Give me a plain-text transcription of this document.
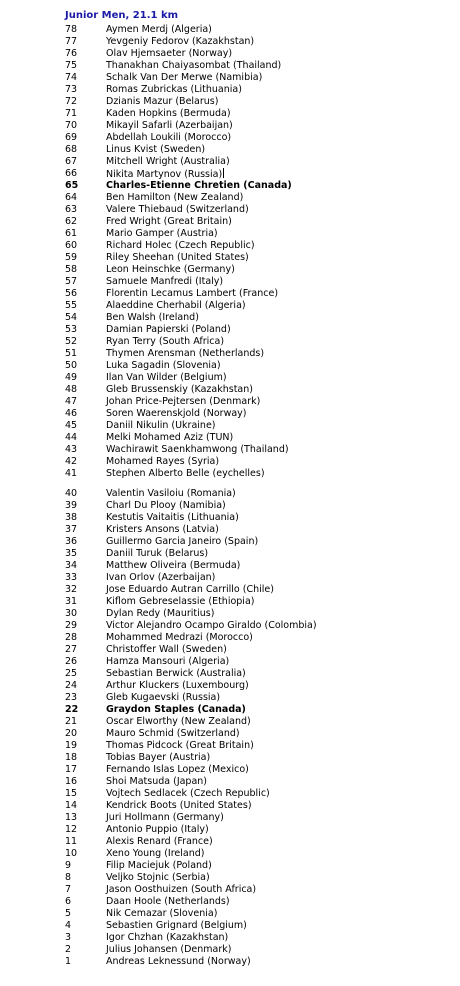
Junior Men, 21.1 km
78	Aymen Merdj (Algeria)
77	Yevgeniy Fedorov (Kazakhstan)
76	Olav Hjemsaeter (Norway)
75	Thanakhan Chaiyasombat (Thailand)
74	Schalk Van Der Merwe (Namibia)
73	Romas Zubrickas (Lithuania)
72	Dzianis Mazur (Belarus)
71	Kaden Hopkins (Bermuda)
70	Mikayil Safarli (Azerbaijan)
69	Abdellah Loukili (Morocco)
68	Linus Kvist (Sweden)
67	Mitchell Wright (Australia)
66	Nikita Martynov (Russia)
65	Charles-Etienne Chretien (Canada)
64	Ben Hamilton (New Zealand)
63	Valere Thiebaud (Switzerland)
62	Fred Wright (Great Britain)
61	Mario Gamper (Austria)
60	Richard Holec (Czech Republic)
59	Riley Sheehan (United States)
58	Leon Heinschke (Germany)
57	Samuele Manfredi (Italy)
56	Florentin Lecamus Lambert (France)
55	Alaeddine Cherhabil (Algeria)
54	Ben Walsh (Ireland)
53	Damian Papierski (Poland)
52	Ryan Terry (South Africa)
51	Thymen Arensman (Netherlands)
50	Luka Sagadin (Slovenia)
49	Ilan Van Wilder (Belgium)
48	Gleb Brussenskiy (Kazakhstan)
47	Johan Price-Pejtersen (Denmark)
46	Soren Waerenskjold (Norway)
45	Daniil Nikulin (Ukraine)
44	Melki Mohamed Aziz (TUN)
43	Wachirawit Saenkhamwong (Thailand)
42	Mohamed Rayes (Syria)
41	Stephen Alberto Belle (eychelles)
40	Valentin Vasiloiu (Romania)
39	Charl Du Plooy (Namibia)
38	Kestutis Vaitaitis (Lithuania)
37	Kristers Ansons (Latvia)
36	Guillermo Garcia Janeiro (Spain)
35	Daniil Turuk (Belarus)
34	Matthew Oliveira (Bermuda)
33	Ivan Orlov (Azerbaijan)
32	Jose Eduardo Autran Carrillo (Chile)
31	Kiflom Gebreselassie (Ethiopia)
30	Dylan Redy (Mauritius)
29	Victor Alejandro Ocampo Giraldo (Colombia)
28	Mohammed Medrazi (Morocco)
27	Christoffer Wall (Sweden)
26	Hamza Mansouri (Algeria)
25	Sebastian Berwick (Australia)
24	Arthur Kluckers (Luxembourg)
23	Gleb Kugaevski (Russia)
22	Graydon Staples (Canada)
21	Oscar Elworthy (New Zealand)
20	Mauro Schmid (Switzerland)
19	Thomas Pidcock (Great Britain)
18	Tobias Bayer (Austria)
17	Fernando Islas Lopez (Mexico)
16	Shoi Matsuda (Japan)
15	Vojtech Sedlacek (Czech Republic)
14	Kendrick Boots (United States)
13	Juri Hollmann (Germany)
12	Antonio Puppio (Italy)
11	Alexis Renard (France)
10	Xeno Young (Ireland)
9	Filip Maciejuk (Poland)
8	Veljko Stojnic (Serbia)
7	Jason Oosthuizen (South Africa)
6	Daan Hoole (Netherlands)
5	Nik Cemazar (Slovenia)
4	Sebastien Grignard (Belgium)
3	Igor Chzhan (Kazakhstan)
2	Julius Johansen (Denmark)
1	Andreas Leknessund (Norway)
